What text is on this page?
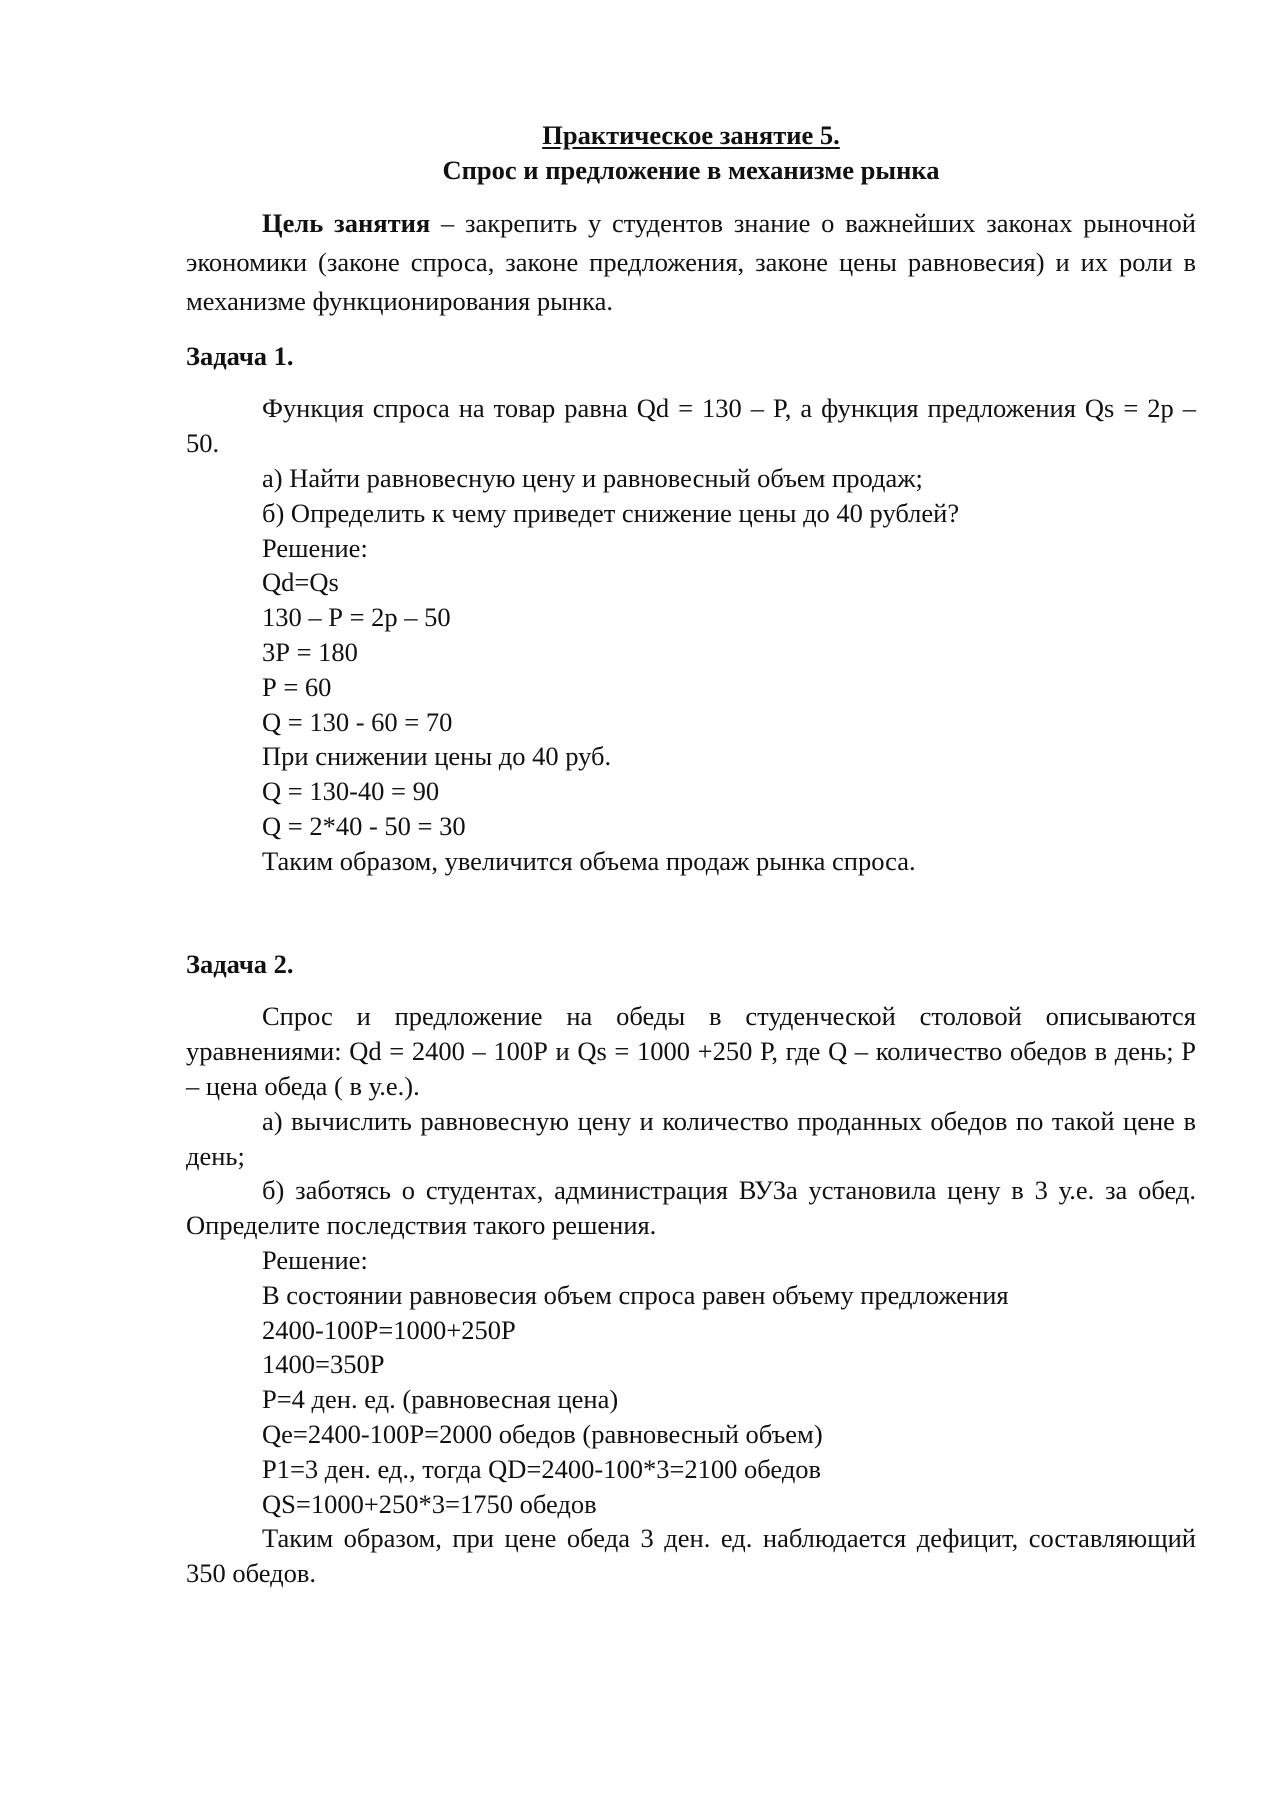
Практическое занятие 5.
Спрос и предложение в механизме рынка

Цель занятия – закрепить у студентов знание о важнейших законах рыночной экономики (законе спроса, законе предложения, законе цены равновесия) и их роли в механизме функционирования рынка.

Задача 1.

Функция спроса на товар равна Qd = 130 – P, а функция предложения Qs = 2р – 50.

а) Найти равновесную цену и равновесный объем продаж;

б) Определить к чему приведет снижение цены до 40 рублей?

Решение:

Qd=Qs

130 – Р = 2р – 50

3Р = 180

Р = 60

Q = 130 - 60 = 70

При снижении цены до 40 руб.

Q = 130-40 = 90

Q = 2*40 - 50 = 30

Таким образом, увеличится объема продаж рынка спроса.

Задача 2.

Спрос и предложение на обеды в студенческой столовой описываются уравнениями: Qd = 2400 – 100Р и Qs = 1000 +250 Р, где Q – количество обедов в день; Р – цена обеда ( в у.е.).

а) вычислить равновесную цену и количество проданных обедов по такой цене в день;

б) заботясь о студентах, администрация ВУЗа установила цену в 3 у.е. за обед. Определите последствия такого решения.

Решение:

В состоянии равновесия объем спроса равен объему предложения

2400-100Р=1000+250Р

1400=350Р

Р=4 ден. ед. (равновесная цена)

Qе=2400-100Р=2000 обедов (равновесный объем)

Р1=3 ден. ед., тогда QD=2400-100*3=2100 обедов

QS=1000+250*3=1750 обедов

Таким образом, при цене обеда 3 ден. ед. наблюдается дефицит, составляющий 350 обедов.
